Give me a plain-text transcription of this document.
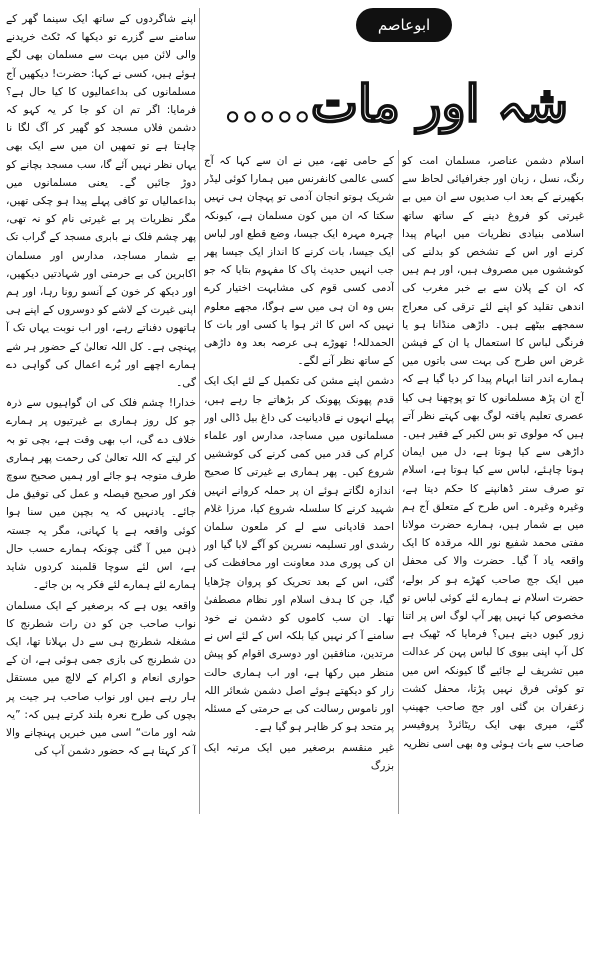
ابوعاصم
شہ اور مات.....

اسلام دشمن عناصر، مسلمان امت کو رنگ، نسل ، زبان اور جغرافیائی لحاظ سے بکھیرنے کے بعد اب صدیوں سے ان میں بے غیرتی کو فروغ دینے کے ساتھ ساتھ اسلامی بنیادی نظریات میں ابہام پیدا کرنے اور اس کے تشخص کو بدلنے کی کوششوں میں مصروف ہیں، اور ہم ہیں کہ ان کے پلان سے بے خبر مغرب کی اندھی تقلید کو اپنے لئے ترقی کی معراج سمجھے بیٹھے ہیں۔ داڑھی منڈانا ہو یا فرنگی لباس کا استعمال یا ان کے فیشن غرض اس طرح کی بہت سی باتوں میں ہمارے اندر اتنا ابہام پیدا کر دیا گیا ہے کہ آج ان پڑھ مسلمانوں کا تو پوچھنا ہی کیا عصری تعلیم یافتہ لوگ بھی کہتے نظر آتے ہیں کہ مولوی تو بس لکیر کے فقیر ہیں۔ داڑھی سے کیا ہوتا ہے، دل میں ایمان ہونا چاہئے، لباس سے کیا ہوتا ہے، اسلام تو صرف ستر ڈھانپنے کا حکم دیتا ہے، وغیرہ وغیرہ۔ اس طرح کے متعلق آج ہم میں بے شمار ہیں، ہمارے حضرت مولانا مفتی محمد شفیع نور اللہ مرقدہ کا ایک واقعہ یاد آ گیا۔ حضرت والا کی محفل میں ایک جج صاحب کھڑے ہو کر بولے، حضرت اسلام نے ہمارے لئے کوئی لباس تو مخصوص کیا نہیں پھر آپ لوگ اس پر اتنا زور کیوں دیتے ہیں؟ فرمایا کہ ٹھیک ہے کل آپ اپنی بیوی کا لباس پہن کر عدالت میں تشریف لے جائیے گا کیونکہ اس میں تو کوئی فرق نہیں پڑتا، محفل کشت زعفران بن گئی اور جج صاحب جھینپ گئے، میری بھی ایک ریٹائرڈ پروفیسر صاحب سے بات ہوئی وہ بھی اسی نظریہ

کے حامی تھے، میں نے ان سے کہا کہ آج کسی عالمی کانفرنس میں ہمارا کوئی لیڈر شریک ہوتو انجان آدمی تو پہچان ہی نہیں سکتا کہ ان میں کون مسلمان ہے، کیونکہ چہرہ مہرہ ایک جیسا، وضع قطع اور لباس ایک جیسا، بات کرنے کا انداز ایک جیسا پھر جب انہیں حدیث پاک کا مفہوم بتایا کہ جو آدمی کسی قوم کی مشابہت اختیار کرے بس وہ ان ہی میں سے ہوگا، مجھے معلوم نہیں کہ اس کا اثر ہوا یا کسی اور بات کا الحمدللہ! تھوڑے ہی عرصہ بعد وہ داڑھی کے ساتھ نظر آنے لگے۔

دشمن اپنے مشن کی تکمیل کے لئے ایک ایک قدم پھونک پھونک کر بڑھاتے جا رہے ہیں، پہلے انہوں نے قادیانیت کی داغ بیل ڈالی اور مسلمانوں میں مساجد، مدارس اور علماء کرام کی قدر میں کمی کرنے کی کوششیں شروع کیں۔ پھر ہماری بے غیرتی کا صحیح اندازہ لگاتے ہوئے ان پر حملہ کروانے انہیں شہید کرنے کا سلسلہ شروع کیا، مرزا غلام احمد قادیانی سے لے کر ملعون سلمان رشدی اور تسلیمہ نسرین کو آگے لایا گیا اور ان کی پوری مدد معاونت اور محافظت کی گئی، اس کے بعد تحریک کو پروان چڑھایا گیا، جن کا ہدف اسلام اور نظام مصطفیٰ تھا۔ ان سب کاموں کو دشمن نے خود سامنے آ کر نہیں کیا بلکہ اس کے لئے اس نے مرتدین، منافقین اور دوسری اقوام کو پیش منظر میں رکھا ہے، اور اب ہماری حالت زار کو دیکھتے ہوئے اصل دشمن شعائر اللہ اور ناموس رسالت کی بے حرمتی کے مسئلہ پر متحد ہو کر ظاہر ہو گیا ہے۔

غیر منقسم برصغیر میں ایک مرتبہ ایک بزرگ

اپنے شاگردوں کے ساتھ ایک سینما گھر کے سامنے سے گزرے تو دیکھا کہ ٹکٹ خریدنے والی لائن میں بہت سے مسلمان بھی لگے ہوئے ہیں، کسی نے کہا: حضرت! دیکھیں آج مسلمانوں کی بداعمالیوں کا کیا حال ہے؟ فرمایا: اگر تم ان کو جا کر یہ کہو کہ دشمن فلاں مسجد کو گھیر کر آگ لگا نا چاہتا ہے تو تمھیں ان میں سے ایک بھی یہاں نظر نہیں آئے گا، سب مسجد بچانے کو دوڑ جائیں گے۔ یعنی مسلمانوں میں بداعمالیاں تو کافی پہلے پیدا ہو چکی تھیں، مگر نظریات پر بے غیرتی نام کو نہ تھی، پھر چشم فلک نے بابری مسجد کے گراب تک بے شمار مساجد، مدارس اور مسلمان اکابرین کی بے حرمتی اور شہادتیں دیکھیں، اور دیکھ کر خون کے آنسو رونا رہا، اور ہم اپنی غیرت کے لاشے کو دوسروں کے اپنے ہی ہاتھوں دفناتے رہے، اور اب نوبت یہاں تک آ پہنچی ہے۔ کل اللہ تعالیٰ کے حضور ہر شے ہمارے اچھے اور بُرے اعمال کی گواہی دے گی۔

خدارا! چشم فلک کی ان گواہیوں سے ذرہ جو کل روز ہماری بے غیرتیوں پر ہمارے خلاف دے گی، اب بھی وقت ہے، بچی تو بہ کر لیتے کہ اللہ تعالیٰ کی رحمت پھر ہماری طرف متوجہ ہو جائے اور ہمیں صحیح سوچ فکر اور صحیح فیصلہ و عمل کی توفیق مل جائے۔ یادنہیں کہ یہ بچپن میں سنا ہوا کوئی واقعہ ہے یا کہانی، مگر یہ جستہ ذہن میں آ گئی چونکہ ہمارے حسب حال ہے، اس لئے سوچا قلمبند کردوں شاید ہمارے لئے ہمارے لئے فکر یہ بن جائے۔

واقعہ یوں ہے کہ برصغیر کے ایک مسلمان نواب صاحب جن کو دن رات شطرنج کا مشغلہ شطرنج ہی سے دل بہلانا تھا، ایک دن شطرنج کی بازی جمی ہوئی ہے، ان کے حواری انعام و اکرام کے لالچ میں مستقل ہار رہے ہیں اور نواب صاحب ہر جیت پر بچوں کی طرح نعرہ بلند کرتے ہیں کہ: ”یہ شہ اور مات“ اسی میں خبریں پہنچانے والا آ کر کہتا ہے کہ حضور دشمن آپ کی
